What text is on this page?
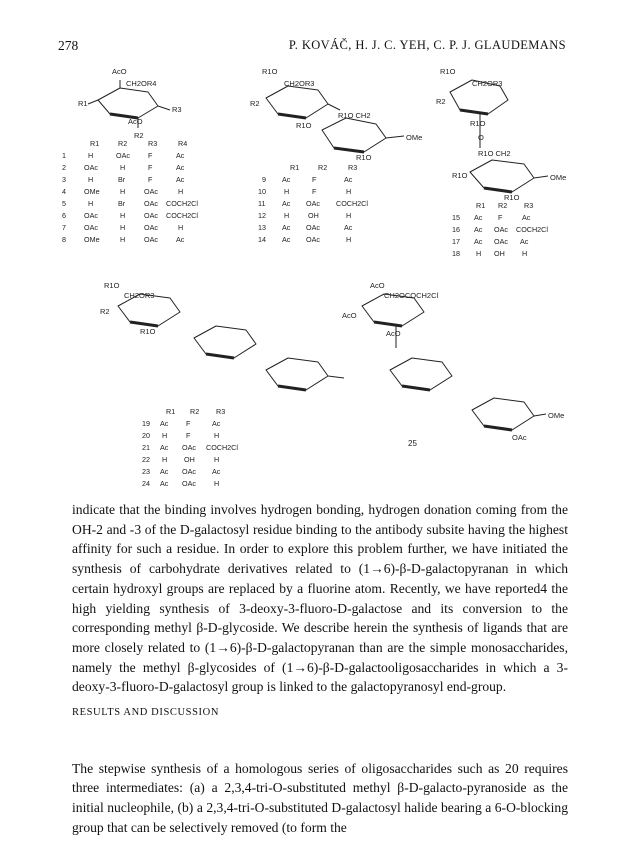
278	P. KOVÁČ, H. J. C. YEH, C. P. J. GLAUDEMANS
AcO
CH2OR4
R1
R3
AcO
R2
R1O
CH2OR3
R2
R1O
R1O CH2
OMe
R1O
R1O
CH2OR3
R2
R1O
O
R1O CH2
OMe
R1O
R1O
R1O
CH2OR3
R2
R1O
AcO
CH2OCOCH2Cl
AcO
AcO
OMe
OAc
25
R1	R2	R3	R4
1	H	OAc	F	Ac
2	OAc	H	F	Ac
3	H	Br	F	Ac
4	OMe	H	OAc	H
5	H	Br	OAc COCH2Cl
6	OAc	H	OAc COCH2Cl
7	OAc	H	OAc	H
8	OMe	H	OAc	Ac
R1	R2	R3
9 Ac	F	Ac
10	H	F	H
11 Ac OAc COCH2Cl
12	H	OH	H
13 Ac OAc	Ac
14 Ac OAc	H
R1 R2 R3
15 Ac F	Ac
16 Ac OAc COCH2Cl
17 Ac OAc Ac
18 H OH H
R1 R2 R3
19 Ac F	Ac
20 H	F	H
21 Ac OAc COCH2Cl
22 H OH	H
23 Ac OAc Ac
24 Ac OAc	H

indicate that the binding involves hydrogen bonding, hydrogen donation coming from the OH-2 and -3 of the D-galactosyl residue binding to the antibody subsite having the highest affinity for such a residue. In order to explore this problem further, we have initiated the synthesis of carbohydrate derivatives related to (1→6)-β-D-galactopyranan in which certain hydroxyl groups are replaced by a fluorine atom. Recently, we have reported4 the high yielding synthesis of 3-deoxy-3-fluoro-D-galactose and its conversion to the corresponding methyl β-D-glycoside. We describe herein the synthesis of ligands that are more closely related to (1→6)-β-D-galactopyranan than are the simple monosaccharides, namely the methyl β-glycosides of (1→6)-β-D-galactooligosaccharides in which a 3-deoxy-3-fluoro-D-galactosyl group is linked to the galactopyranosyl end-group.

RESULTS AND DISCUSSION

The stepwise synthesis of a homologous series of oligosaccharides such as 20 requires three intermediates: (a) a 2,3,4-tri-O-substituted methyl β-D-galacto-pyranoside as the initial nucleophile, (b) a 2,3,4-tri-O-substituted D-galactosyl halide bearing a 6-O-blocking group that can be selectively removed (to form the
